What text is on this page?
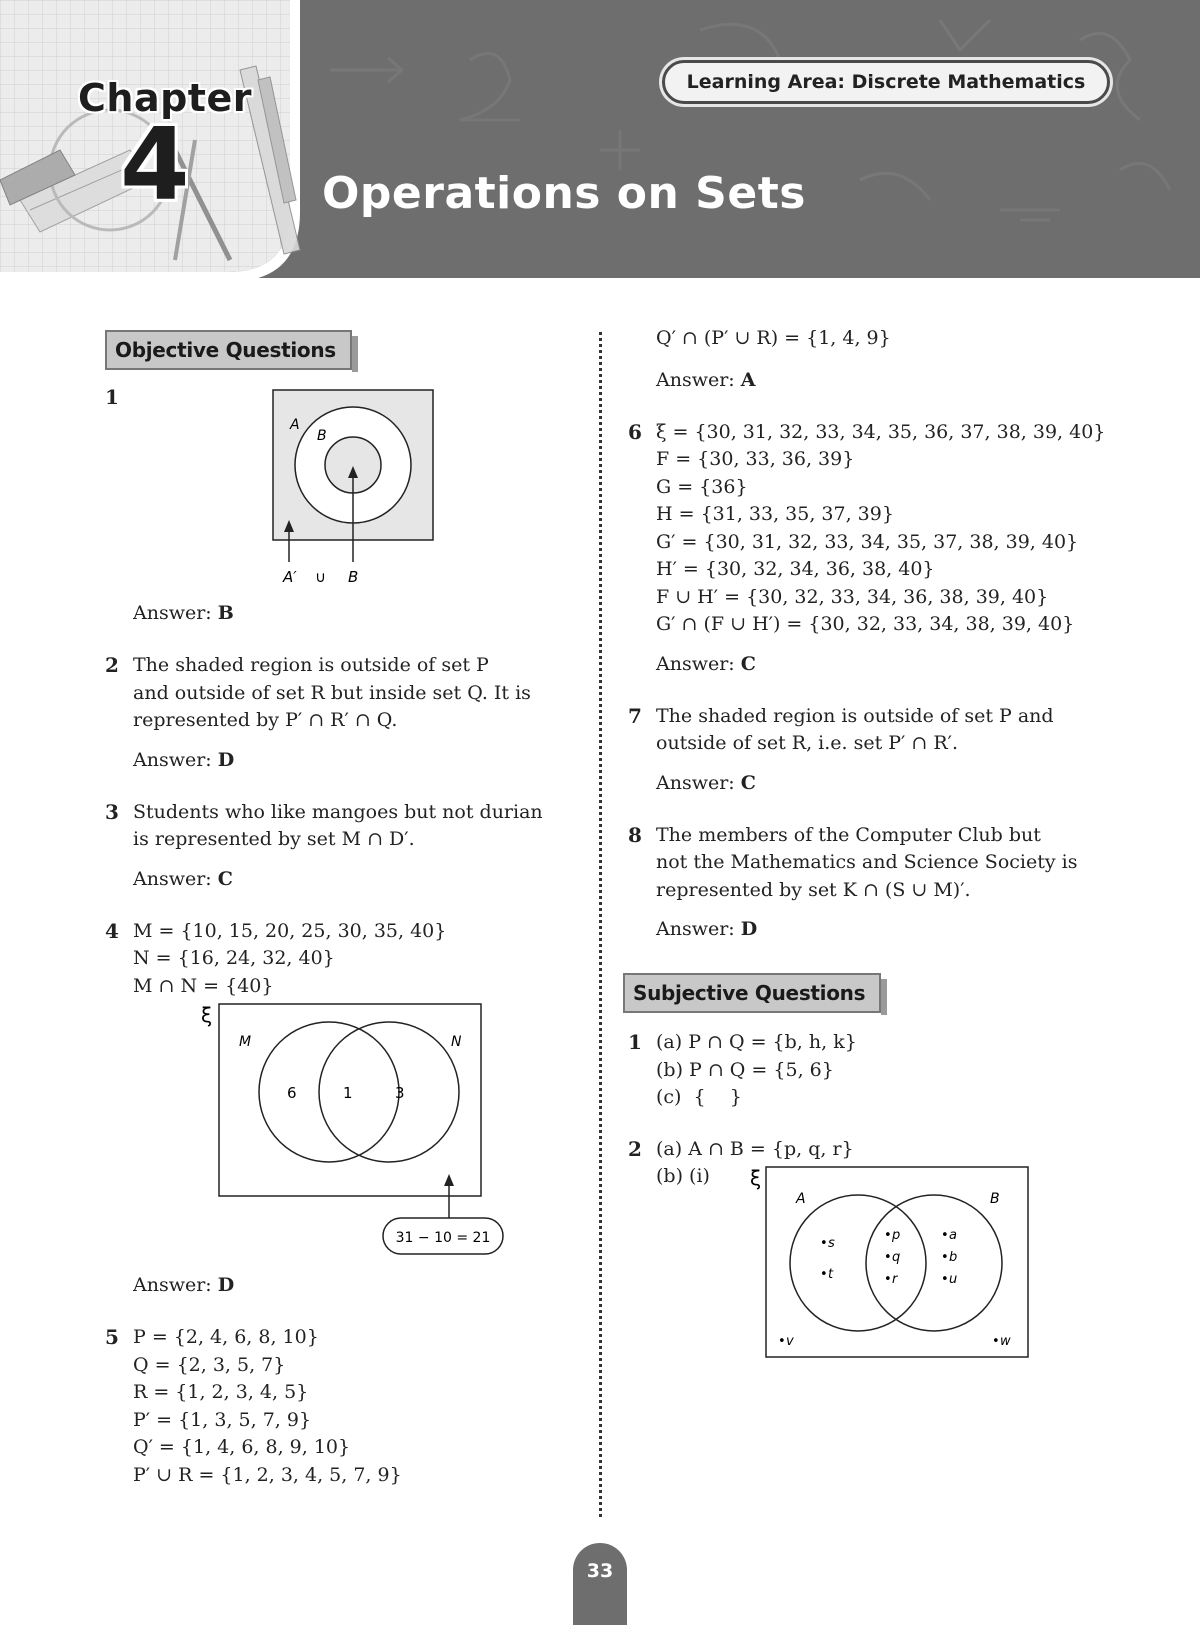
Chapter
4
Learning Area: Discrete Mathematics
Operations on Sets
Objective Questions
1
A
B
A′ ∪ B
Answer: B
2 The shaded region is outside of set P
and outside of set R but inside set Q. It is
represented by P′ ∩ R′ ∩ Q.
Answer: D
3 Students who like mangoes but not durian
is represented by set M ∩ D′.
Answer: C
4 M = {10, 15, 20, 25, 30, 35, 40}
N = {16, 24, 32, 40}
M ∩ N = {40}
ξ
M	N
6	1	3
31 − 10 = 21
Answer: D
5 P = {2, 4, 6, 8, 10}
Q = {2, 3, 5, 7}
R = {1, 2, 3, 4, 5}
P′ = {1, 3, 5, 7, 9}
Q′ = {1, 4, 6, 8, 9, 10}
P′ ∪ R = {1, 2, 3, 4, 5, 7, 9}
Q′ ∩ (P′ ∪ R) = {1, 4, 9}
Answer: A
6 ξ = {30, 31, 32, 33, 34, 35, 36, 37, 38, 39, 40}
F = {30, 33, 36, 39}
G = {36}
H = {31, 33, 35, 37, 39}
G′ = {30, 31, 32, 33, 34, 35, 37, 38, 39, 40}
H′ = {30, 32, 34, 36, 38, 40}
F ∪ H′ = {30, 32, 33, 34, 36, 38, 39, 40}
G′ ∩ (F ∪ H′) = {30, 32, 33, 34, 38, 39, 40}
Answer: C
7 The shaded region is outside of set P and
outside of set R, i.e. set P′ ∩ R′.
Answer: C
8 The members of the Computer Club but
not the Mathematics and Science Society is
represented by set K ∩ (S ∪ M)′.
Answer: D
Subjective Questions
1 (a) P ∩ Q = {b, h, k}
(b) P ∩ Q = {5, 6}
(c)  {    }
2 (a) A ∩ B = {p, q, r}
(b) (i)	ξ
A	B
• s
• t
• p
• q
• r
• a
• b
• u
• v	• w
33
